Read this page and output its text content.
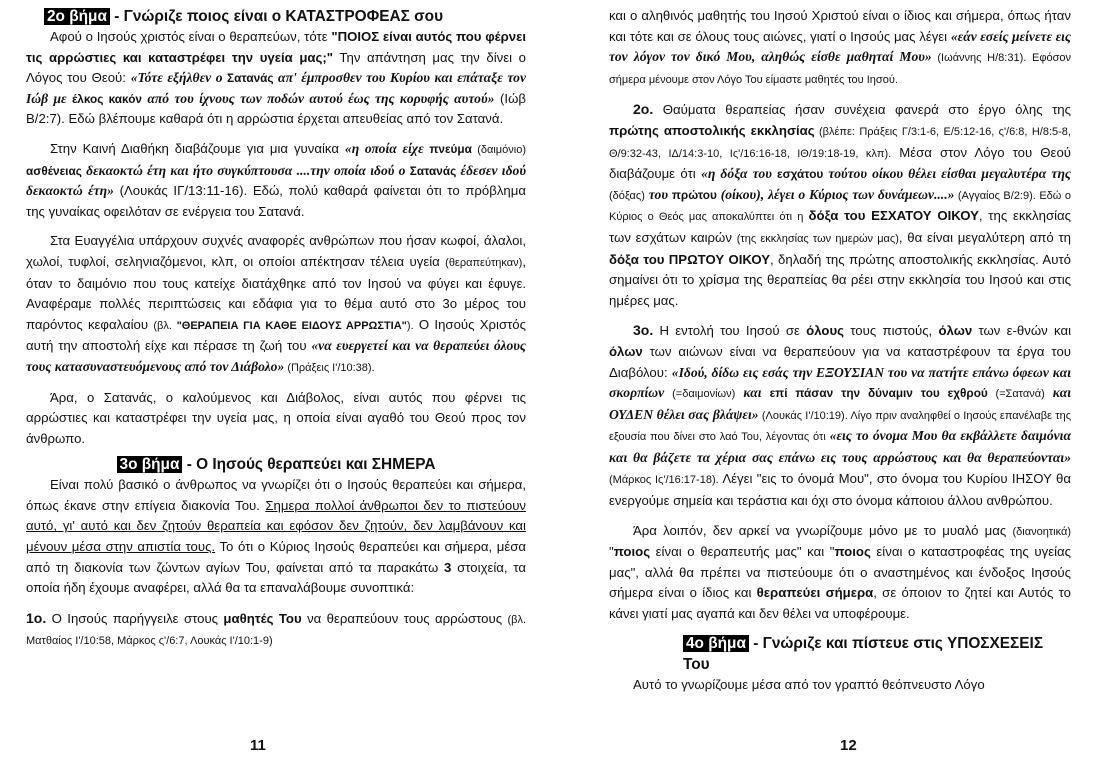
2ο βήμα - Γνώριζε ποιος είναι ο ΚΑΤΑΣΤΡΟΦΕΑΣ σου

Αφού ο Ιησούς χριστός είναι ο θεραπεύων, τότε "ΠΟΙΟΣ είναι αυτός που φέρνει τις αρρώστιες και καταστρέφει την υγεία μας;" Την απάντηση μας την δίνει ο Λόγος του Θεού: «Τότε εξήλθεν ο Σατανάς απ' έμπροσθεν του Κυρίου και επάταξε τον Ιώβ με έλκος κακόν από του ίχνους των ποδών αυτού έως της κορυφής αυτού» (Ιώβ Β/2:7). Εδώ βλέπουμε καθαρά ότι η αρρώστια έρχεται απευθείας από τον Σατανά.

Στην Καινή Διαθήκη διαβάζουμε για μια γυναίκα «η οποία είχε πνεύμα (δαιμόνιο) ασθένειας δεκαοκτώ έτη και ήτο συγκύπτουσα ....την οποία ιδού ο Σατανάς έδεσεν ιδού δεκαοκτώ έτη» (Λουκάς ΙΓ/13:11-16). Εδώ, πολύ καθαρά φαίνεται ότι το πρόβλημα της γυναίκας οφειλόταν σε ενέργεια του Σατανά.

Στα Ευαγγέλια υπάρχουν συχνές αναφορές ανθρώπων που ήσαν κωφοί, άλαλοι, χωλοί, τυφλοί, σεληνιαζόμενοι, κλπ, οι οποίοι απέκτησαν τέλεια υγεία (θεραπεύτηκαν), όταν το δαιμόνιο που τους κατείχε διατάχθηκε από τον Ιησού να φύγει και έφυγε. Αναφέραμε πολλές περιπτώσεις και εδάφια για το θέμα αυτό στο 3ο μέρος του παρόντος κεφαλαίου (βλ. "ΘΕΡΑΠΕΙΑ ΓΙΑ ΚΑΘΕ ΕΙΔΟΥΣ ΑΡΡΩΣΤΙΑ"). Ο Ιησούς Χριστός αυτή την αποστολή είχε και πέρασε τη ζωή του «να ευεργετεί και να θεραπεύει όλους τους κατασυναστευόμενους από τον Διάβολο» (Πράξεις Ι'/10:38).

Άρα, ο Σατανάς, ο καλούμενος και Διάβολος, είναι αυτός που φέρνει τις αρρώστιες και καταστρέφει την υγεία μας, η οποία είναι αγαθό του Θεού προς τον άνθρωπο.

3ο βήμα - Ο Ιησούς θεραπεύει και ΣΗΜΕΡΑ

Είναι πολύ βασικό ο άνθρωπος να γνωρίζει ότι ο Ιησούς θεραπεύει και σήμερα, όπως έκανε στην επίγεια διακονία Του. Σημερα πολλοί άνθρωποι δεν το πιστεύουν αυτό, γι' αυτό και δεν ζητούν θεραπεία και εφόσον δεν ζητούν, δεν λαμβάνουν και μένουν μέσα στην απιστία τους. Το ότι ο Κύριος Ιησούς θεραπεύει και σήμερα, μέσα από τη διακονία των ζώντων αγίων Του, φαίνεται από τα παρακάτω 3 στοιχεία, τα οποία ήδη έχουμε αναφέρει, αλλά θα τα επαναλάβουμε συνοπτικά:

1ο. Ο Ιησούς παρήγγειλε στους μαθητές Του να θεραπεύουν τους αρρώστους (βλ. Ματθαίος Ι'/10:58, Μάρκος ς'/6:7, Λουκάς Ι'/10:1-9)

11

και ο αληθινός μαθητής του Ιησού Χριστού είναι ο ίδιος και σήμερα, όπως ήταν και τότε και σε όλους τους αιώνες, γιατί ο Ιησούς μας λέγει «εάν εσείς μείνετε εις τον λόγον τον δικό Μου, αληθώς είσθε μαθηταί Μου» (Ιωάννης Η/8:31). Εφόσον σήμερα μένουμε στον Λόγο Του είμαστε μαθητές του Ιησού.

2ο. Θαύματα θεραπείας ήσαν συνέχεια φανερά στο έργο όλης της πρώτης αποστολικής εκκλησίας (βλέπε: Πράξεις Γ/3:1-6, Ε/5:12-16, ς'/6:8, Η/8:5-8, Θ/9:32-43, ΙΔ/14:3-10, Ις'/16:16-18, ΙΘ/19:18-19, κλπ). Μέσα στον Λόγο του Θεού διαβάζουμε ότι «η δόξα του εσχάτου τούτου οίκου θέλει είσθαι μεγαλυτέρα της (δόξας) του πρώτου (οίκου), λέγει ο Κύριος των δυνάμεων....» (Αγγαίος Β/2:9). Εδώ ο Κύριος ο Θεός μας αποκαλύπτει ότι η δόξα του ΕΣΧΑΤΟΥ ΟΙΚΟΥ, της εκκλησίας των εσχάτων καιρών (της εκκλησίας των ημερών μας), θα είναι μεγαλύτερη από τη δόξα του ΠΡΩΤΟΥ ΟΙΚΟΥ, δηλαδή της πρώτης αποστολικής εκκλησίας. Αυτό σημαίνει ότι το χρίσμα της θεραπείας θα ρέει στην εκκλησία του Ιησού και στις ημέρες μας.

3ο. Η εντολή του Ιησού σε όλους τους πιστούς, όλων των ε-θνών και όλων των αιώνων είναι να θεραπεύουν για να καταστρέφουν τα έργα του Διαβόλου: «Ιδού, δίδω εις εσάς την ΕΞΟΥΣΙΑΝ του να πατήτε επάνω όφεων και σκορπίων (=δαιμονίων) και επί πάσαν την δύναμιν του εχθρού (=Σατανά) και ΟΥΔΕΝ θέλει σας βλάψει» (Λουκάς Ι'/10:19). Λίγο πριν αναληφθεί ο Ιησούς επανέλαβε της εξουσία που δίνει στο λαό Του, λέγοντας ότι «εις το όνομα Μου θα εκβάλλετε δαιμόνια και θα βάζετε τα χέρια σας επάνω εις τους αρρώστους και θα θεραπεύονται» (Μάρκος Ις'/16:17-18). Λέγει "εις το όνομά Μου", στο όνομα του Κυρίου ΙΗΣΟΥ θα ενεργούμε σημεία και τεράστια και όχι στο όνομα κάποιου άλλου ανθρώπου.

Άρα λοιπόν, δεν αρκεί να γνωρίζουμε μόνο με το μυαλό μας (διανοητικά) "ποιος είναι ο θεραπευτής μας" και "ποιος είναι ο καταστροφέας της υγείας μας", αλλά θα πρέπει να πιστεύουμε ότι ο αναστημένος και ένδοξος Ιησούς σήμερα είναι ο ίδιος και θεραπεύει σήμερα, σε όποιον το ζητεί και Αυτός το κάνει γιατί μας αγαπά και δεν θέλει να υποφέρουμε.

4ο βήμα - Γνώριζε και πίστευε στις ΥΠΟΣΧΕΣΕΙΣ Του

Αυτό το γνωρίζουμε μέσα από τον γραπτό θεόπνευστο Λόγο

12
